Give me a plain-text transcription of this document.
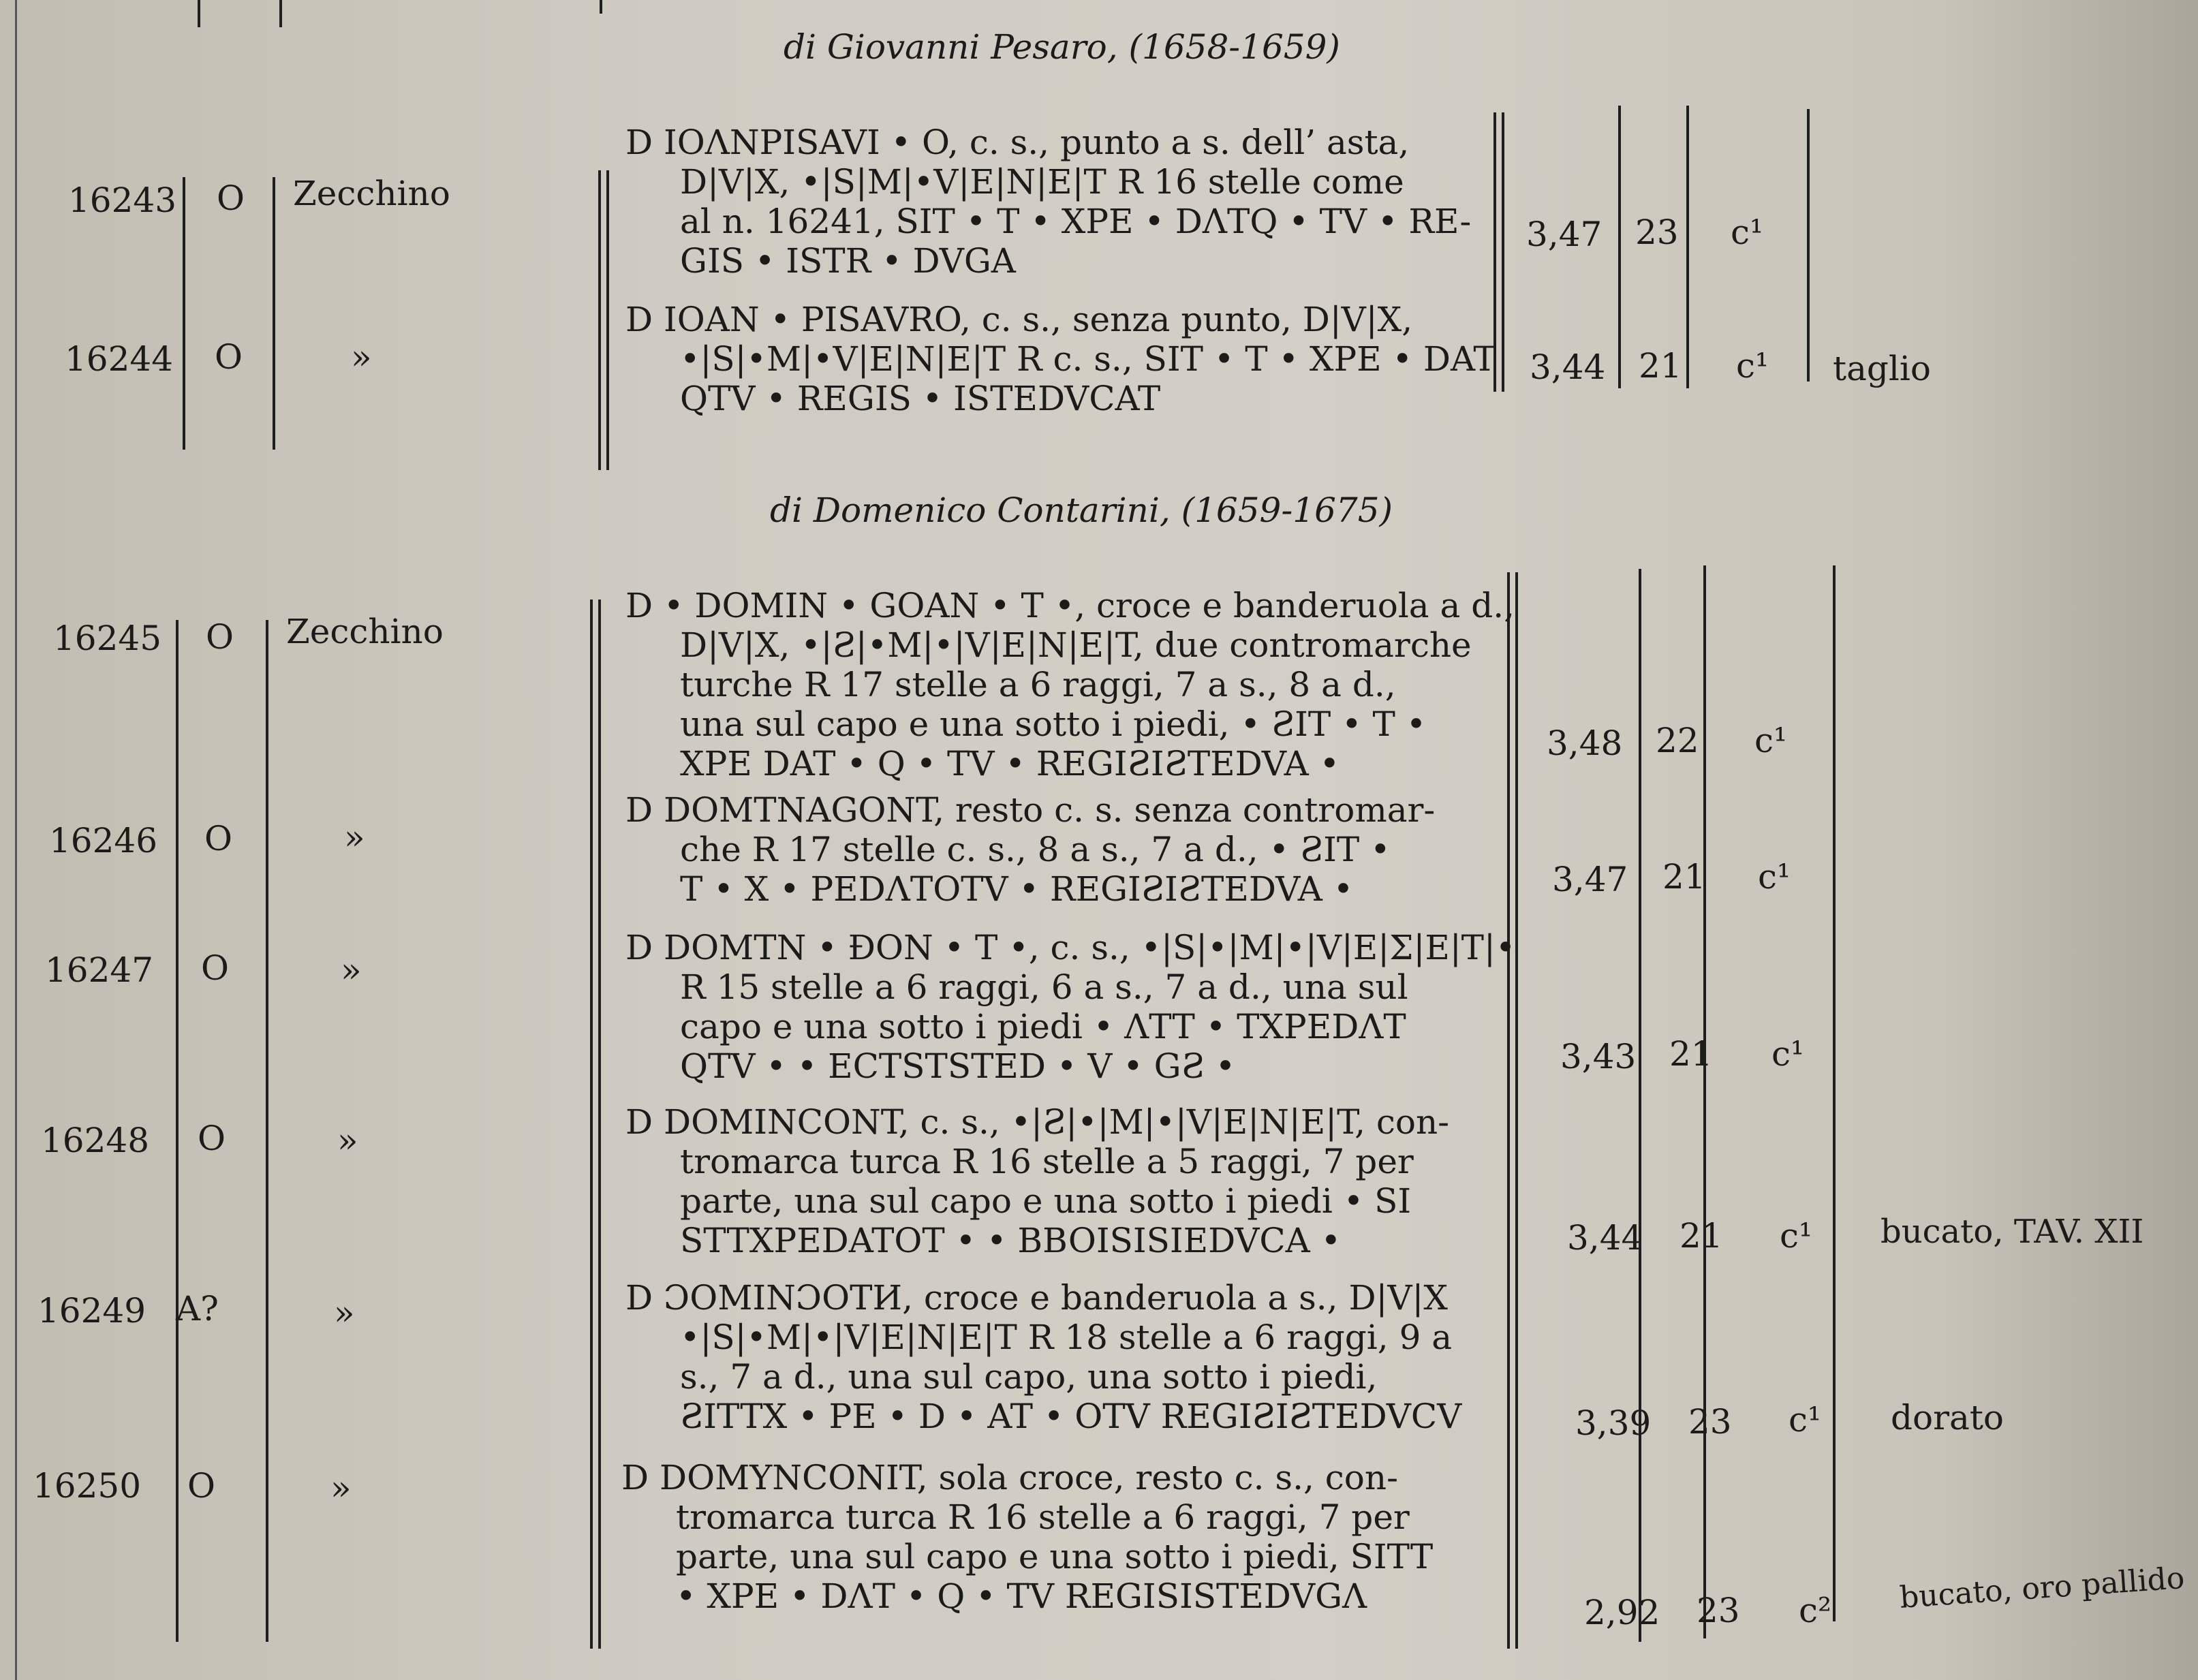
di Giovanni Pesaro, (1658-1659)
16243 O Zecchino
D IOΛNPISAVI • O, c. s., punto a s. dell’ asta,
D|V|X, •|S|M|•V|E|N|E|T R 16 stelle come
al n. 16241, SIT • T • XPE • DΛTQ • TV • RE-
GIS • ISTR • DVGA
3,47 23 c¹
16244 O	»
D IOAN • PISAVRO, c. s., senza punto, D|V|X,
•|S|•M|•V|E|N|E|T R c. s., SIT • T • XPE • DAT
QTV • REGIS • ISTEDVCAT
3,44 21 c¹ taglio
di Domenico Contarini, (1659-1675)
16245 O Zecchino
D • DOMIN • GOAN • T •, croce e banderuola a d.,
D|V|X, •|Ƨ|•M|•|V|E|N|E|T, due contromarche
turche R 17 stelle a 6 raggi, 7 a s., 8 a d.,
una sul capo e una sotto i piedi, • ƧIT • T •
XPE DAT • Q • TV • REGIƧIƧTEDVA •
3,48 22 c¹
16246 O	»
D DOMTNAGONT, resto c. s. senza contromar-
che R 17 stelle c. s., 8 a s., 7 a d., • ƧIT •
T • X • PEDΛTOTV • REGIƧIƧTEDVA •	3,47 21 c¹
16247 O	»
D DOMTN • ƉON • T •, c. s., •|S|•|M|•|V|E|Σ|E|T|•
R 15 stelle a 6 raggi, 6 a s., 7 a d., una sul
capo e una sotto i piedi • ΛTT • TXPEDΛT
QTV • • ECTSTSTED • V • GƧ •	3,43 21 c¹
16248 O	»	D DOMINCONT, c. s., •|Ƨ|•|M|•|V|E|N|E|T, con-
tromarca turca R 16 stelle a 5 raggi, 7 per
parte, una sul capo e una sotto i piedi • SI
STTXPEDATOT • • BBOISISIEDVCA •	3,44 21 c¹ bucato, TAV. XII
16249 A?	»	D ƆOMINƆOTИ, croce e banderuola a s., D|V|X
•|S|•M|•|V|E|N|E|T R 18 stelle a 6 raggi, 9 a
s., 7 a d., una sul capo, una sotto i piedi,
ƧITTX • PE • D • AT • OTV REGIƧIƧTEDVCV	3,39 23 c¹ dorato
16250 O	»	D DOMYNCONIT, sola croce, resto c. s., con-
tromarca turca R 16 stelle a 6 raggi, 7 per
parte, una sul capo e una sotto i piedi, SITT
• XPE • DΛT • Q • TV REGISISTEDVGΛ	2,92 23 c² bucato, oro pallido
